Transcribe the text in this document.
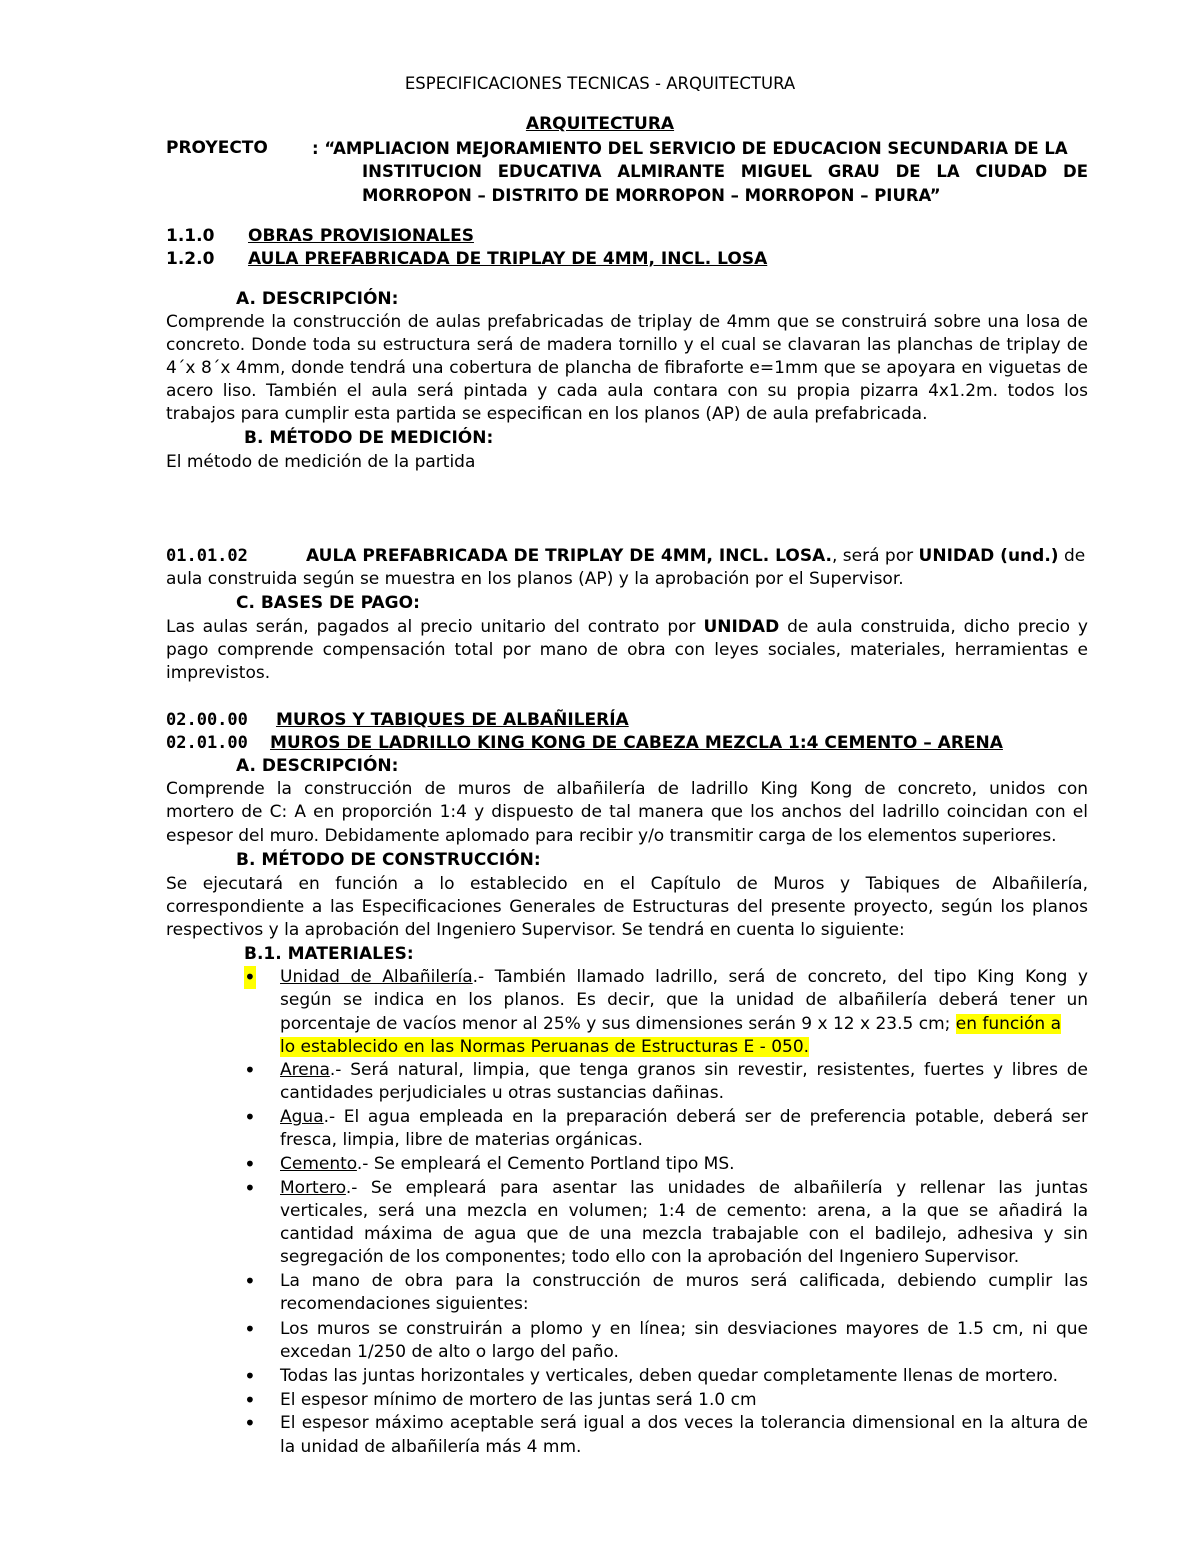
ESPECIFICACIONES TECNICAS - ARQUITECTURA
ARQUITECTURA
PROYECTO	: “AMPLIACION MEJORAMIENTO DEL SERVICIO DE EDUCACION SECUNDARIA DE LA
INSTITUCION EDUCATIVA ALMIRANTE MIGUEL GRAU DE LA CIUDAD DE
MORROPON – DISTRITO DE MORROPON – MORROPON – PIURA”
1.1.0 OBRAS PROVISIONALES
1.2.0 AULA PREFABRICADA DE TRIPLAY DE 4MM, INCL. LOSA
A. DESCRIPCIÓN:
Comprende la construcción de aulas prefabricadas de triplay de 4mm que se construirá sobre una losa de
concreto. Donde toda su estructura será de madera tornillo y el cual se clavaran las planchas de triplay de
4´x 8´x 4mm, donde tendrá una cobertura de plancha de fibraforte e=1mm que se apoyara en viguetas de
acero liso. También el aula será pintada y cada aula contara con su propia pizarra 4x1.2m. todos los
trabajos para cumplir esta partida se especifican en los planos (AP) de aula prefabricada.
B. MÉTODO DE MEDICIÓN:
El método de medición de la partida
01.01.02	AULA PREFABRICADA DE TRIPLAY DE 4MM, INCL. LOSA., será por UNIDAD (und.) de
aula construida según se muestra en los planos (AP) y la aprobación por el Supervisor.
C. BASES DE PAGO:
Las aulas serán, pagados al precio unitario del contrato por UNIDAD de aula construida, dicho precio y
pago comprende compensación total por mano de obra con leyes sociales, materiales, herramientas e
imprevistos.
02.00.00 MUROS Y TABIQUES DE ALBAÑILERÍA
02.01.00 MUROS DE LADRILLO KING KONG DE CABEZA MEZCLA 1:4 CEMENTO – ARENA
A. DESCRIPCIÓN:
Comprende la construcción de muros de albañilería de ladrillo King Kong de concreto, unidos con
mortero de C: A en proporción 1:4 y dispuesto de tal manera que los anchos del ladrillo coincidan con el
espesor del muro. Debidamente aplomado para recibir y/o transmitir carga de los elementos superiores.
B. MÉTODO DE CONSTRUCCIÓN:
Se ejecutará en función a lo establecido en el Capítulo de Muros y Tabiques de Albañilería,
correspondiente a las Especificaciones Generales de Estructuras del presente proyecto, según los planos
respectivos y la aprobación del Ingeniero Supervisor. Se tendrá en cuenta lo siguiente:
B.1. MATERIALES:
• Unidad de Albañilería.- También llamado ladrillo, será de concreto, del tipo King Kong y
según se indica en los planos. Es decir, que la unidad de albañilería deberá tener un
porcentaje de vacíos menor al 25% y sus dimensiones serán 9 x 12 x 23.5 cm; en función a
lo establecido en las Normas Peruanas de Estructuras E - 050.
• Arena.- Será natural, limpia, que tenga granos sin revestir, resistentes, fuertes y libres de
cantidades perjudiciales u otras sustancias dañinas.
• Agua.- El agua empleada en la preparación deberá ser de preferencia potable, deberá ser
fresca, limpia, libre de materias orgánicas.
• Cemento.- Se empleará el Cemento Portland tipo MS.
• Mortero.- Se empleará para asentar las unidades de albañilería y rellenar las juntas
verticales, será una mezcla en volumen; 1:4 de cemento: arena, a la que se añadirá la
cantidad máxima de agua que de una mezcla trabajable con el badilejo, adhesiva y sin
segregación de los componentes; todo ello con la aprobación del Ingeniero Supervisor.
• La mano de obra para la construcción de muros será calificada, debiendo cumplir las
recomendaciones siguientes:
• Los muros se construirán a plomo y en línea; sin desviaciones mayores de 1.5 cm, ni que
excedan 1/250 de alto o largo del paño.
• Todas las juntas horizontales y verticales, deben quedar completamente llenas de mortero.
• El espesor mínimo de mortero de las juntas será 1.0 cm
• El espesor máximo aceptable será igual a dos veces la tolerancia dimensional en la altura de
la unidad de albañilería más 4 mm.
